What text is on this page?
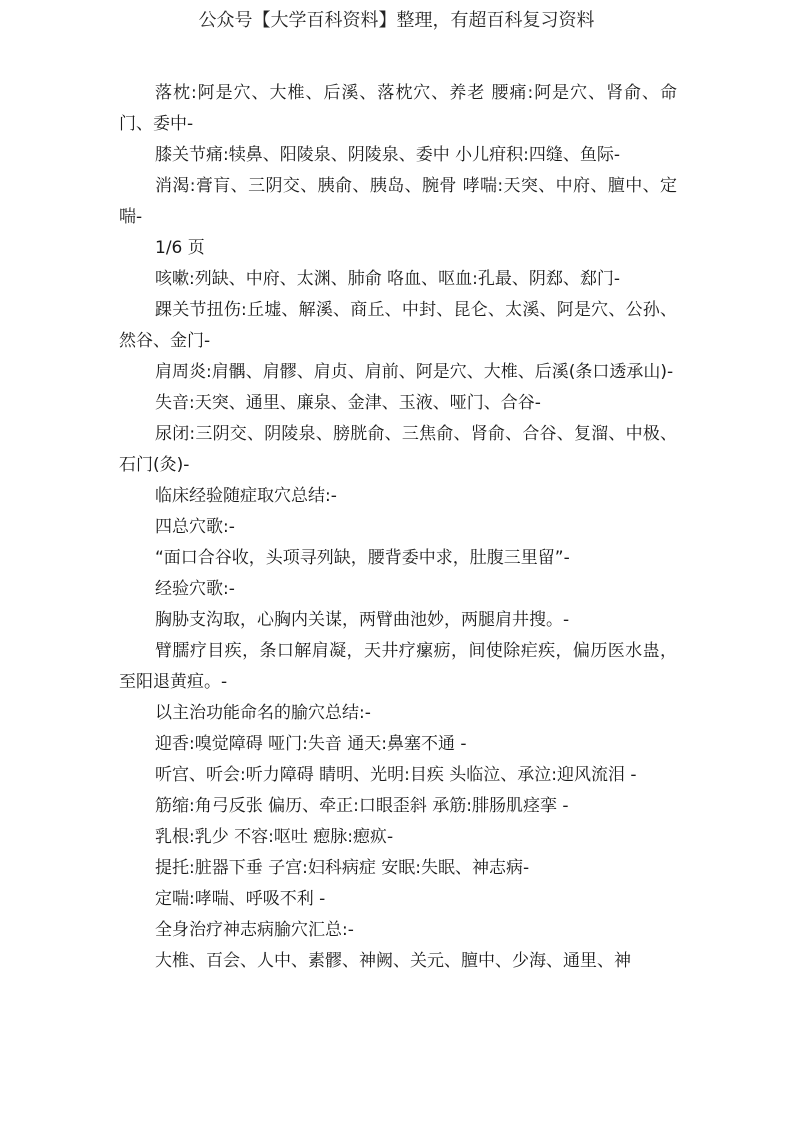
公众号【大学百科资料】整理，有超百科复习资料

落枕:阿是穴、大椎、后溪、落枕穴、养老 腰痛:阿是穴、肾俞、命门、委中-

膝关节痛:犊鼻、阳陵泉、阴陵泉、委中 小儿疳积:四缝、鱼际-

消渴:膏肓、三阴交、胰俞、胰岛、腕骨 哮喘:天突、中府、膻中、定喘-

1/6 页

咳嗽:列缺、中府、太渊、肺俞 咯血、呕血:孔最、阴郄、郄门-

踝关节扭伤:丘墟、解溪、商丘、中封、昆仑、太溪、阿是穴、公孙、然谷、金门-

肩周炎:肩髃、肩髎、肩贞、肩前、阿是穴、大椎、后溪(条口透承山)-

失音:天突、通里、廉泉、金津、玉液、哑门、合谷-

尿闭:三阴交、阴陵泉、膀胱俞、三焦俞、肾俞、合谷、复溜、中极、石门(灸)-

临床经验随症取穴总结:-

四总穴歌:-

“面口合谷收，头项寻列缺，腰背委中求，肚腹三里留”-

经验穴歌:-

胸胁支沟取，心胸内关谋，两臂曲池妙，两腿肩井搜。-

臂臑疗目疾，条口解肩凝，天井疗瘰疬，间使除疟疾，偏历医水蛊，至阳退黄疸。-

以主治功能命名的腧穴总结:-

迎香:嗅觉障碍 哑门:失音 通天:鼻塞不通 -

听宫、听会:听力障碍 睛明、光明:目疾 头临泣、承泣:迎风流泪 -

筋缩:角弓反张 偏历、牵正:口眼歪斜 承筋:腓肠肌痉挛 -

乳根:乳少 不容:呕吐 瘛脉:瘛疭-

提托:脏器下垂 子宫:妇科病症 安眠:失眠、神志病-

定喘:哮喘、呼吸不利 -

全身治疗神志病腧穴汇总:-

大椎、百会、人中、素髎、神阙、关元、膻中、少海、通里、神
